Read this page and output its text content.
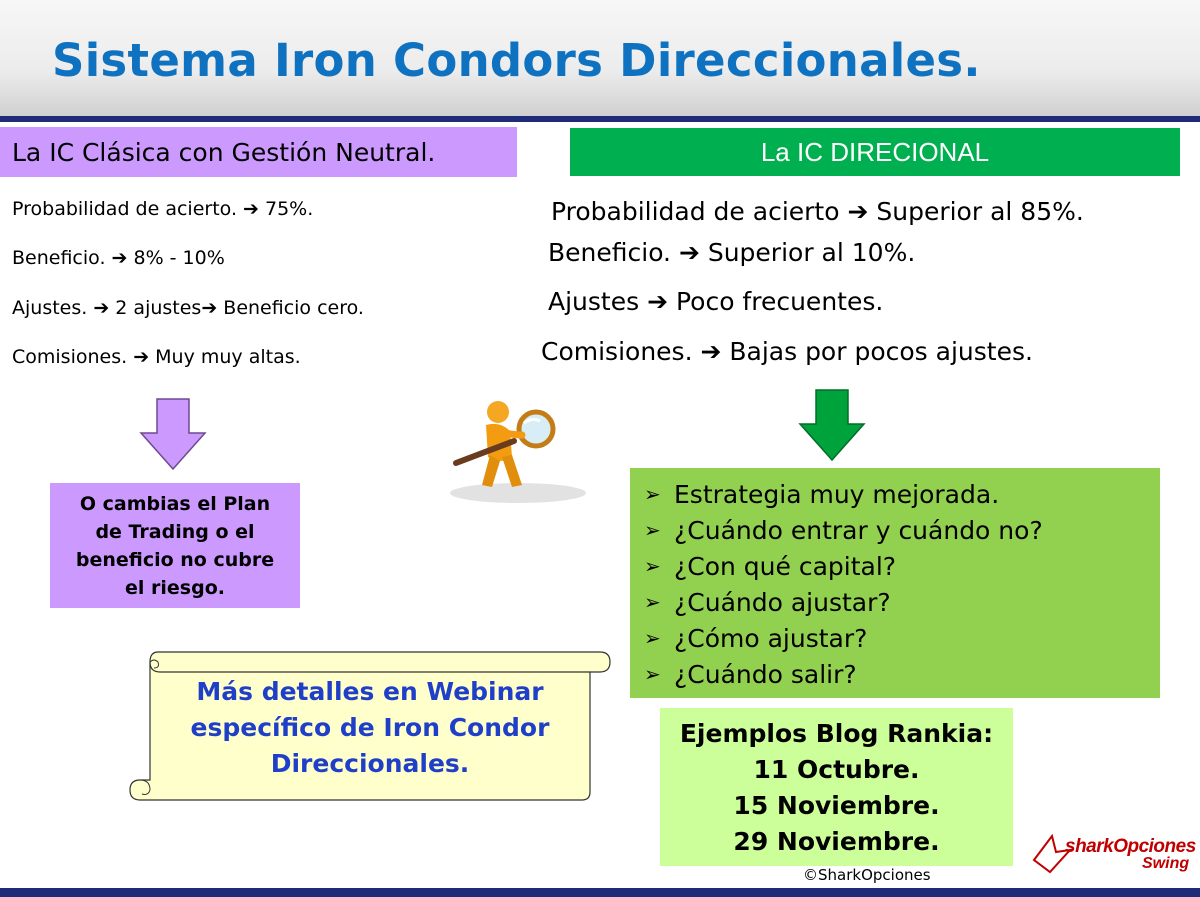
Sistema Iron Condors Direccionales.
La IC Clásica con Gestión Neutral.	La IC DIRECIONAL
Probabilidad de acierto. ➔ 75%.
Beneficio. ➔ 8% - 10%
Ajustes. ➔ 2 ajustes➔ Beneficio cero.
Comisiones. ➔ Muy muy altas.
Probabilidad de acierto ➔ Superior al 85%.
Beneficio. ➔ Superior al 10%.
Ajustes ➔ Poco frecuentes.
Comisiones. ➔ Bajas por pocos ajustes.
O cambias el Plan
de Trading o el
beneficio no cubre
el riesgo.
➢ Estrategia muy mejorada.
➢ ¿Cuándo entrar y cuándo no?
➢ ¿Con qué capital?
➢ ¿Cuándo ajustar?
➢ ¿Cómo ajustar?
➢ ¿Cuándo salir?
Ejemplos Blog Rankia:
11 Octubre.
15 Noviembre.
29 Noviembre.
Más detalles en Webinar
específico de Iron Condor
Direccionales.
sharkOpciones
Swing
©SharkOpciones
